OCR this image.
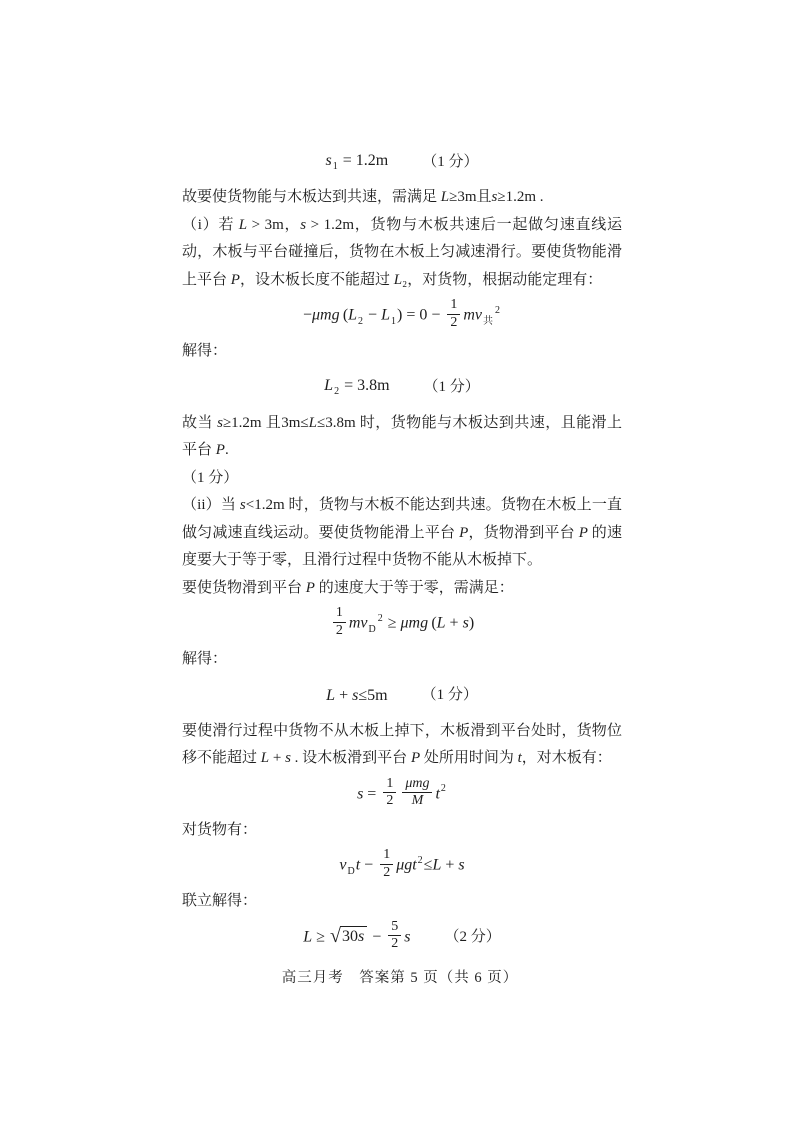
$s_1 = 1.2m$ （1 分）

故要使货物能与木板达到共速，需满足 L≥3m且s≥1.2m .

（i）若 L > 3m，s > 1.2m，货物与木板共速后一起做匀速直线运动，木板与平台碰撞后，货物在木板上匀减速滑行。要使货物能滑上平台 P，设木板长度不能超过 L₂，对货物，根据动能定理有：

−μmg $(L_2 - L_1) = 0 - \frac{1}{2} mv_共^2$

解得：

$L_2 = 3.8m$ （1 分）

故当 s≥1.2m 且3m≤L≤3.8m 时，货物能与木板达到共速，且能滑上平台 P.

（1 分）

（ii）当 s<1.2m 时，货物与木板不能达到共速。货物在木板上一直做匀减速直线运动。要使货物能滑上平台 P，货物滑到平台 P 的速度要大于等于零，且滑行过程中货物不能从木板掉下。

要使货物滑到平台 P 的速度大于等于零，需满足：

$\frac{1}{2} mv_D^2 \ge \mu mg$ (L + s)

解得：

L + s≤5m （1 分）

要使滑行过程中货物不从木板上掉下，木板滑到平台处时，货物位移不能超过 L + s . 设木板滑到平台 P 处所用时间为 t，对木板有：

$s = \frac{1}{2} \frac{\text{μmg}}{M} t^2$

对货物有：

$v_Dt - \frac{1}{2} \mu gt^2\le L + s$

联立解得：

L ≥ √ $30s - \frac{5}{2}$ s （2 分）
高三月考　答案第 5 页（共 6 页）
